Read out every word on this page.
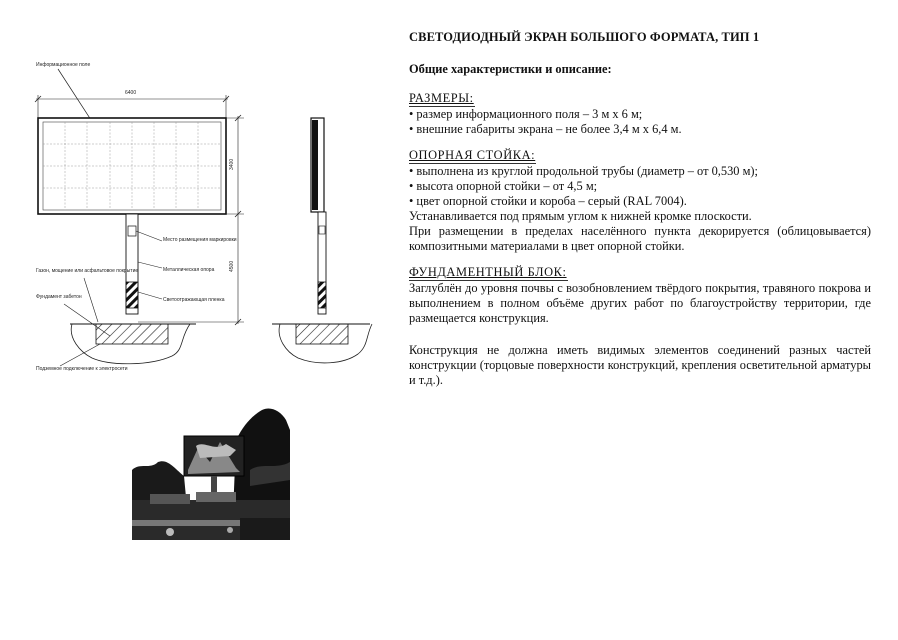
Информационное поле
6400
3400
4500
Место размещения маркировки
Металлическая опора
Светоотражающая пленка
Газон, мощение или асфальтовое покрытие
Фундамент забетон
Подземное подключение к электросети
СВЕТОДИОДНЫЙ ЭКРАН БОЛЬШОГО ФОРМАТА, ТИП 1
Общие характеристики и описание:
РАЗМЕРЫ:

• размер информационного поля – 3 м х 6 м;

• внешние габариты экрана – не более 3,4 м х 6,4 м.

ОПОРНАЯ СТОЙКА:

• выполнена из круглой продольной трубы (диаметр – от 0,530 м);

• высота опорной стойки – от 4,5 м;

• цвет опорной стойки и короба – серый (RAL 7004).

Устанавливается под прямым углом к нижней кромке плоскости.

При размещении в пределах населённого пункта декорируется (облицовывается) композитными материалами в цвет опорной стойки.

ФУНДАМЕНТНЫЙ БЛОК:

Заглублён до уровня почвы с возобновлением твёрдого покрытия, травяного покрова и выполнением в полном объёме других работ по благоустройству территории, где размещается конструкция.

Конструкция не должна иметь видимых элементов соединений разных частей конструкции (торцовые поверхности конструкций, крепления осветительной арматуры и т.д.).
